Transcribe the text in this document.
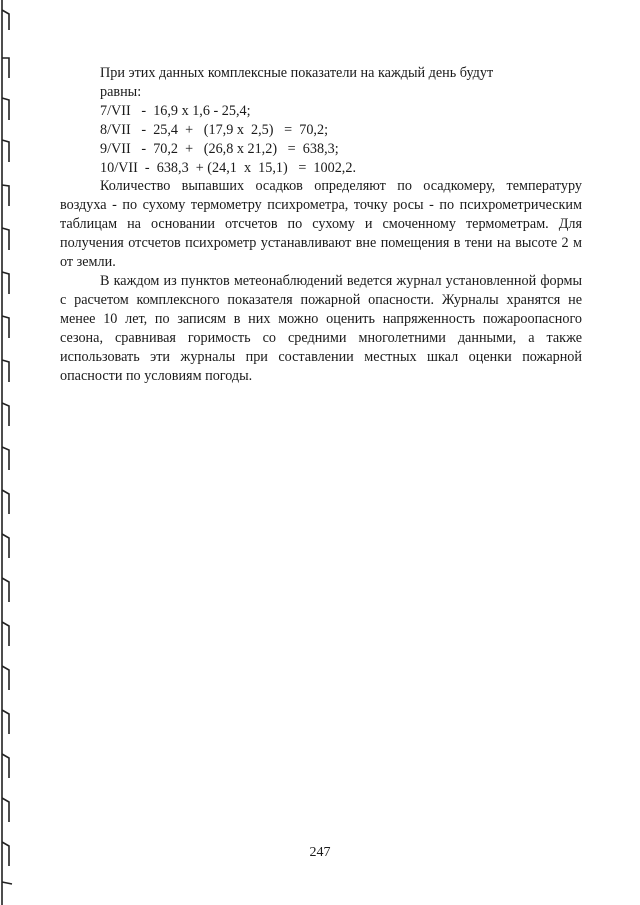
При этих данных комплексные показатели на каждый день будут

равны:

7/VII   -  16,9 x 1,6 - 25,4;

8/VII   -  25,4  +   (17,9 x  2,5)   =  70,2;

9/VII   -  70,2  +   (26,8 x 21,2)   =  638,3;

10/VII  -  638,3  + (24,1  x  15,1)   =  1002,2.

Количество выпавших осадков определяют по осадкомеру, температуру воздуха - по сухому термометру психрометра, точку росы - по психрометрическим таблицам на основании отсчетов по сухому и смоченному термометрам. Для получения отсчетов психрометр устанавливают вне помещения в тени на высоте 2 м от земли.

В каждом из пунктов метеонаблюдений ведется журнал установленной формы с расчетом комплексного показателя пожарной опасности. Журналы хранятся не менее 10 лет, по записям в них можно оценить напряженность пожароопасного сезона, сравнивая горимость со средними многолетними данными, а также использовать эти журналы при составлении местных шкал оценки пожарной опасности по условиям погоды.

247
